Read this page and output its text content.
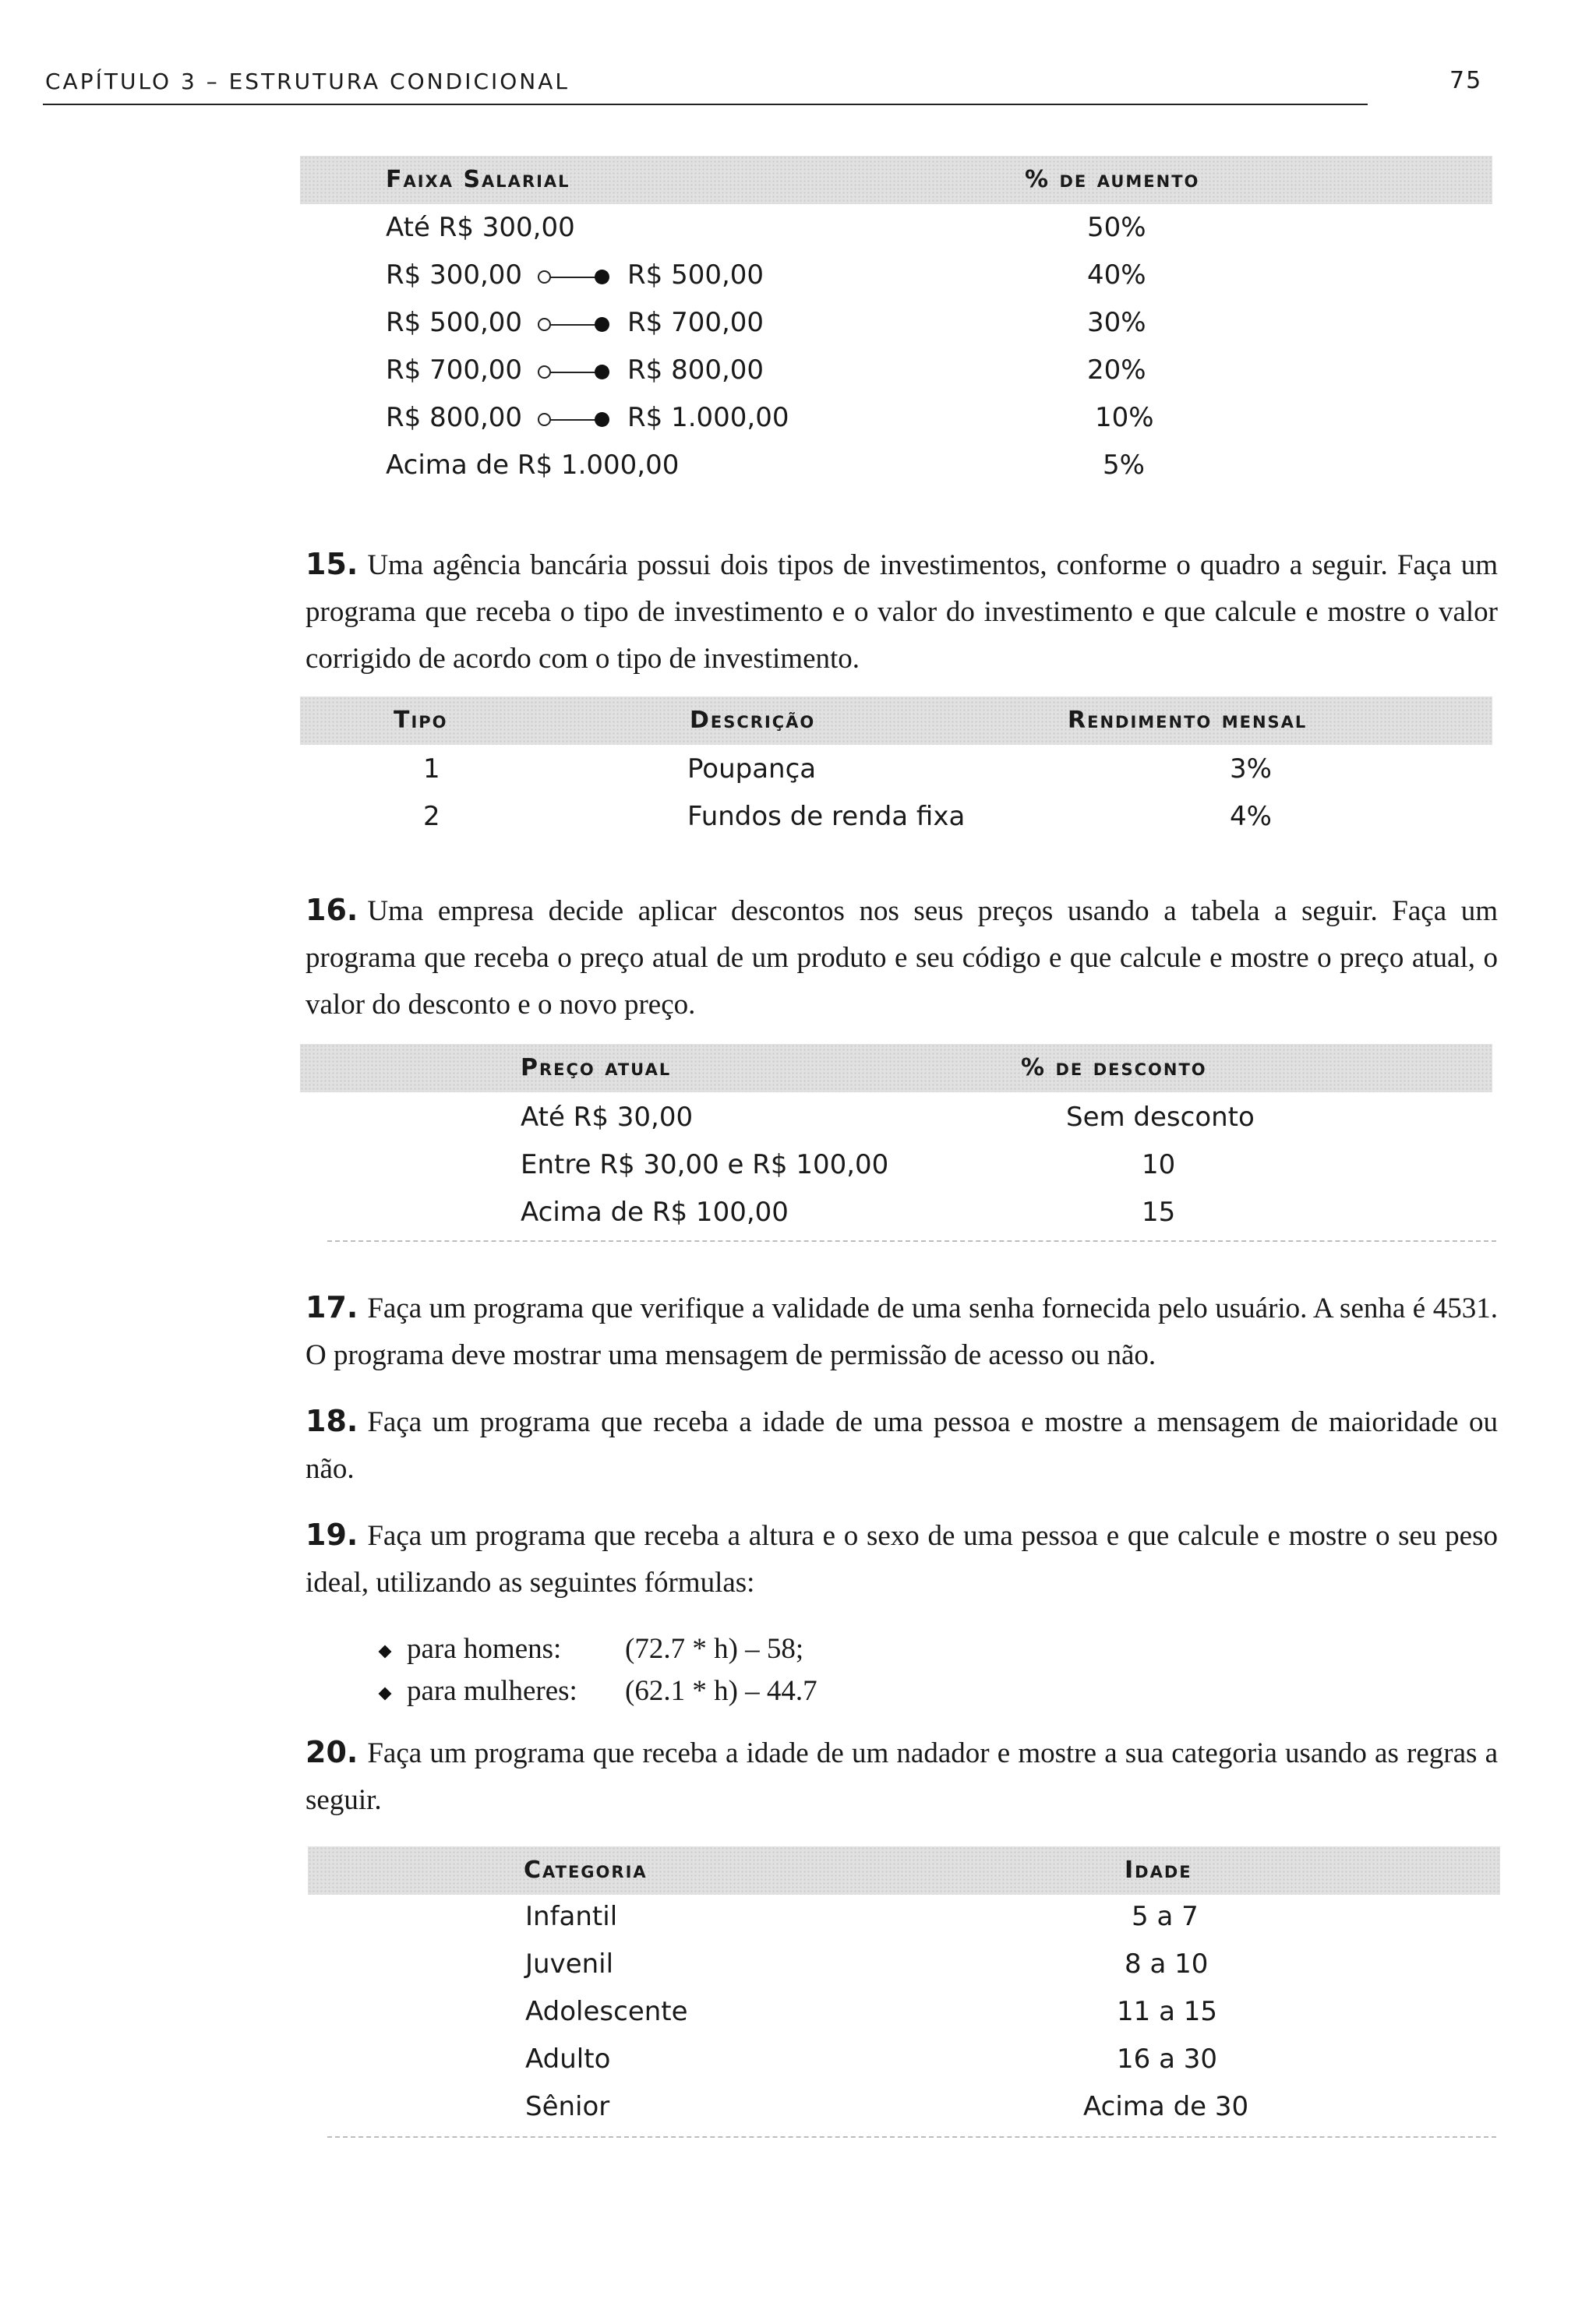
CAPÍTULO 3 – ESTRUTURA CONDICIONAL	75
Faixa Salarial	% de aumento
Até R$ 300,00	50%
R$ 300,00	R$ 500,00	40%
R$ 500,00	R$ 700,00	30%
R$ 700,00	R$ 800,00	20%
R$ 800,00	R$ 1.000,00	10%
Acima de R$ 1.000,00	5%
15. Uma agência bancária possui dois tipos de investimentos, conforme o quadro a seguir. Faça um programa que receba o tipo de investimento e o valor do investimento e que calcule e mostre o valor corrigido de acordo com o tipo de investimento.
Tipo	Descrição	Rendimento mensal
1	Poupança	3%
2	Fundos de renda fixa	4%
16. Uma empresa decide aplicar descontos nos seus preços usando a tabela a seguir. Faça um programa que receba o preço atual de um produto e seu código e que calcule e mostre o preço atual, o valor do desconto e o novo preço.
Preço atual	% de desconto
Até R$ 30,00	Sem desconto
Entre R$ 30,00 e R$ 100,00	10
Acima de R$ 100,00	15
17. Faça um programa que verifique a validade de uma senha fornecida pelo usuário. A senha é 4531. O programa deve mostrar uma mensagem de permissão de acesso ou não.
18. Faça um programa que receba a idade de uma pessoa e mostre a mensagem de maioridade ou não.
19. Faça um programa que receba a altura e o sexo de uma pessoa e que calcule e mostre o seu peso ideal, utilizando as seguintes fórmulas:
para homens: (72.7 * h) – 58;
para mulheres: (62.1 * h) – 44.7
20. Faça um programa que receba a idade de um nadador e mostre a sua categoria usando as regras a seguir.
Categoria	Idade
Infantil	5 a 7
Juvenil	8 a 10
Adolescente	11 a 15
Adulto	16 a 30
Sênior	Acima de 30
